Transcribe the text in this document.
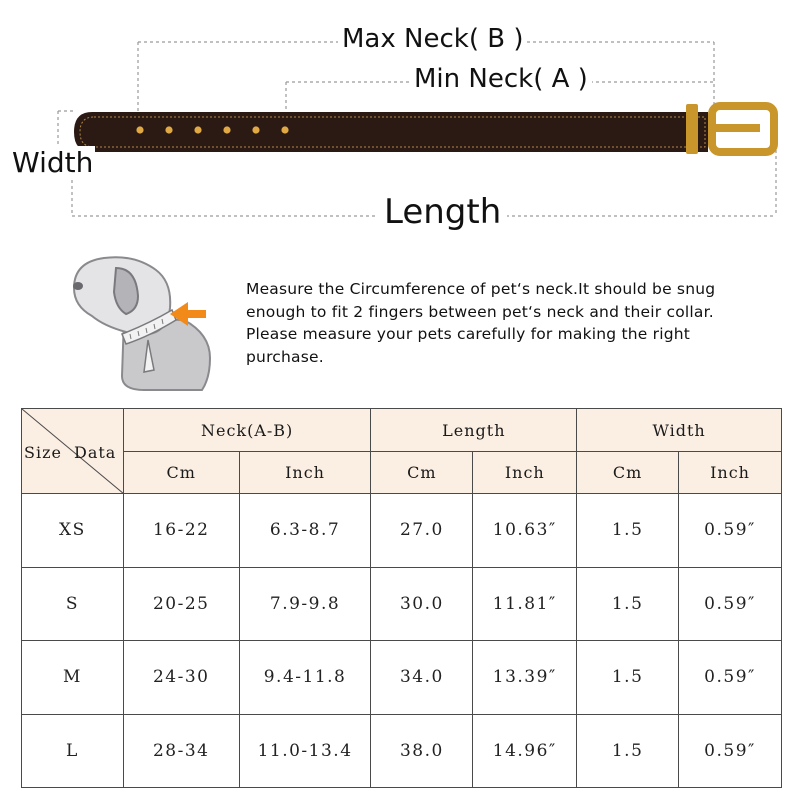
Max Neck( B )
Min Neck( A )
Width
Length
Measure the Circumference of pet‘s neck.It should be snug
enough to fit 2 fingers between pet‘s neck and their collar.
Please measure your pets carefully for making the right
purchase.
Size Data	Neck(A-B)		Length		Width	
	Cm	Inch	Cm	Inch	Cm	Inch
XS	16-22	6.3-8.7	27.0	10.63″	1.5	0.59″
S	20-25	7.9-9.8	30.0	11.81″	1.5	0.59″
M	24-30	9.4-11.8	34.0	13.39″	1.5	0.59″
L	28-34	11.0-13.4	38.0	14.96″	1.5	0.59″
